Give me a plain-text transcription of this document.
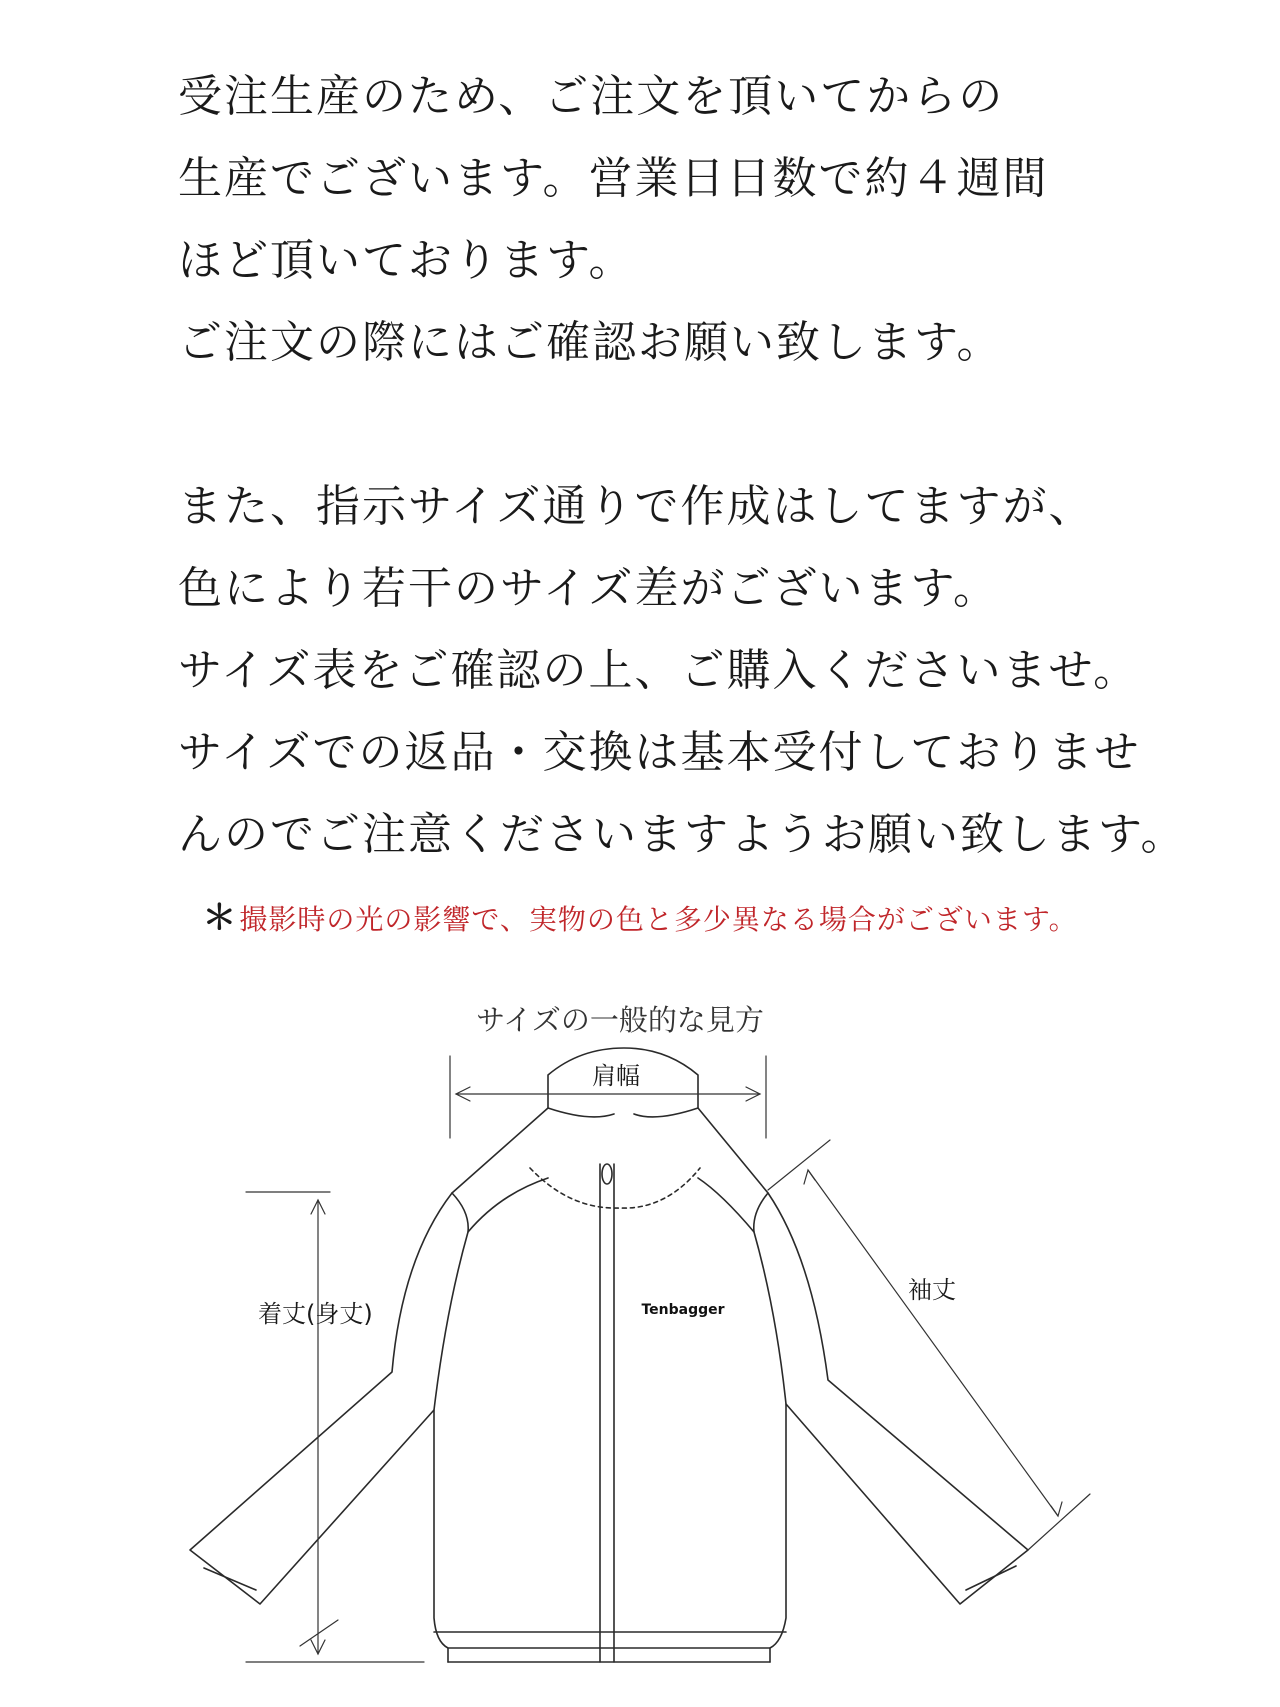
受注生産のため、ご注文を頂いてからの
生産でございます。営業日日数で約４週間
ほど頂いております。
ご注文の際にはご確認お願い致します。
また、指示サイズ通りで作成はしてますが、
色により若干のサイズ差がございます。
サイズ表をご確認の上、ご購入くださいませ。
サイズでの返品・交換は基本受付しておりませ
んのでご注意くださいますようお願い致します。
＊撮影時の光の影響で、実物の色と多少異なる場合がございます。
サイズの一般的な見方
肩幅
着丈(身丈)
袖丈
Tenbagger
